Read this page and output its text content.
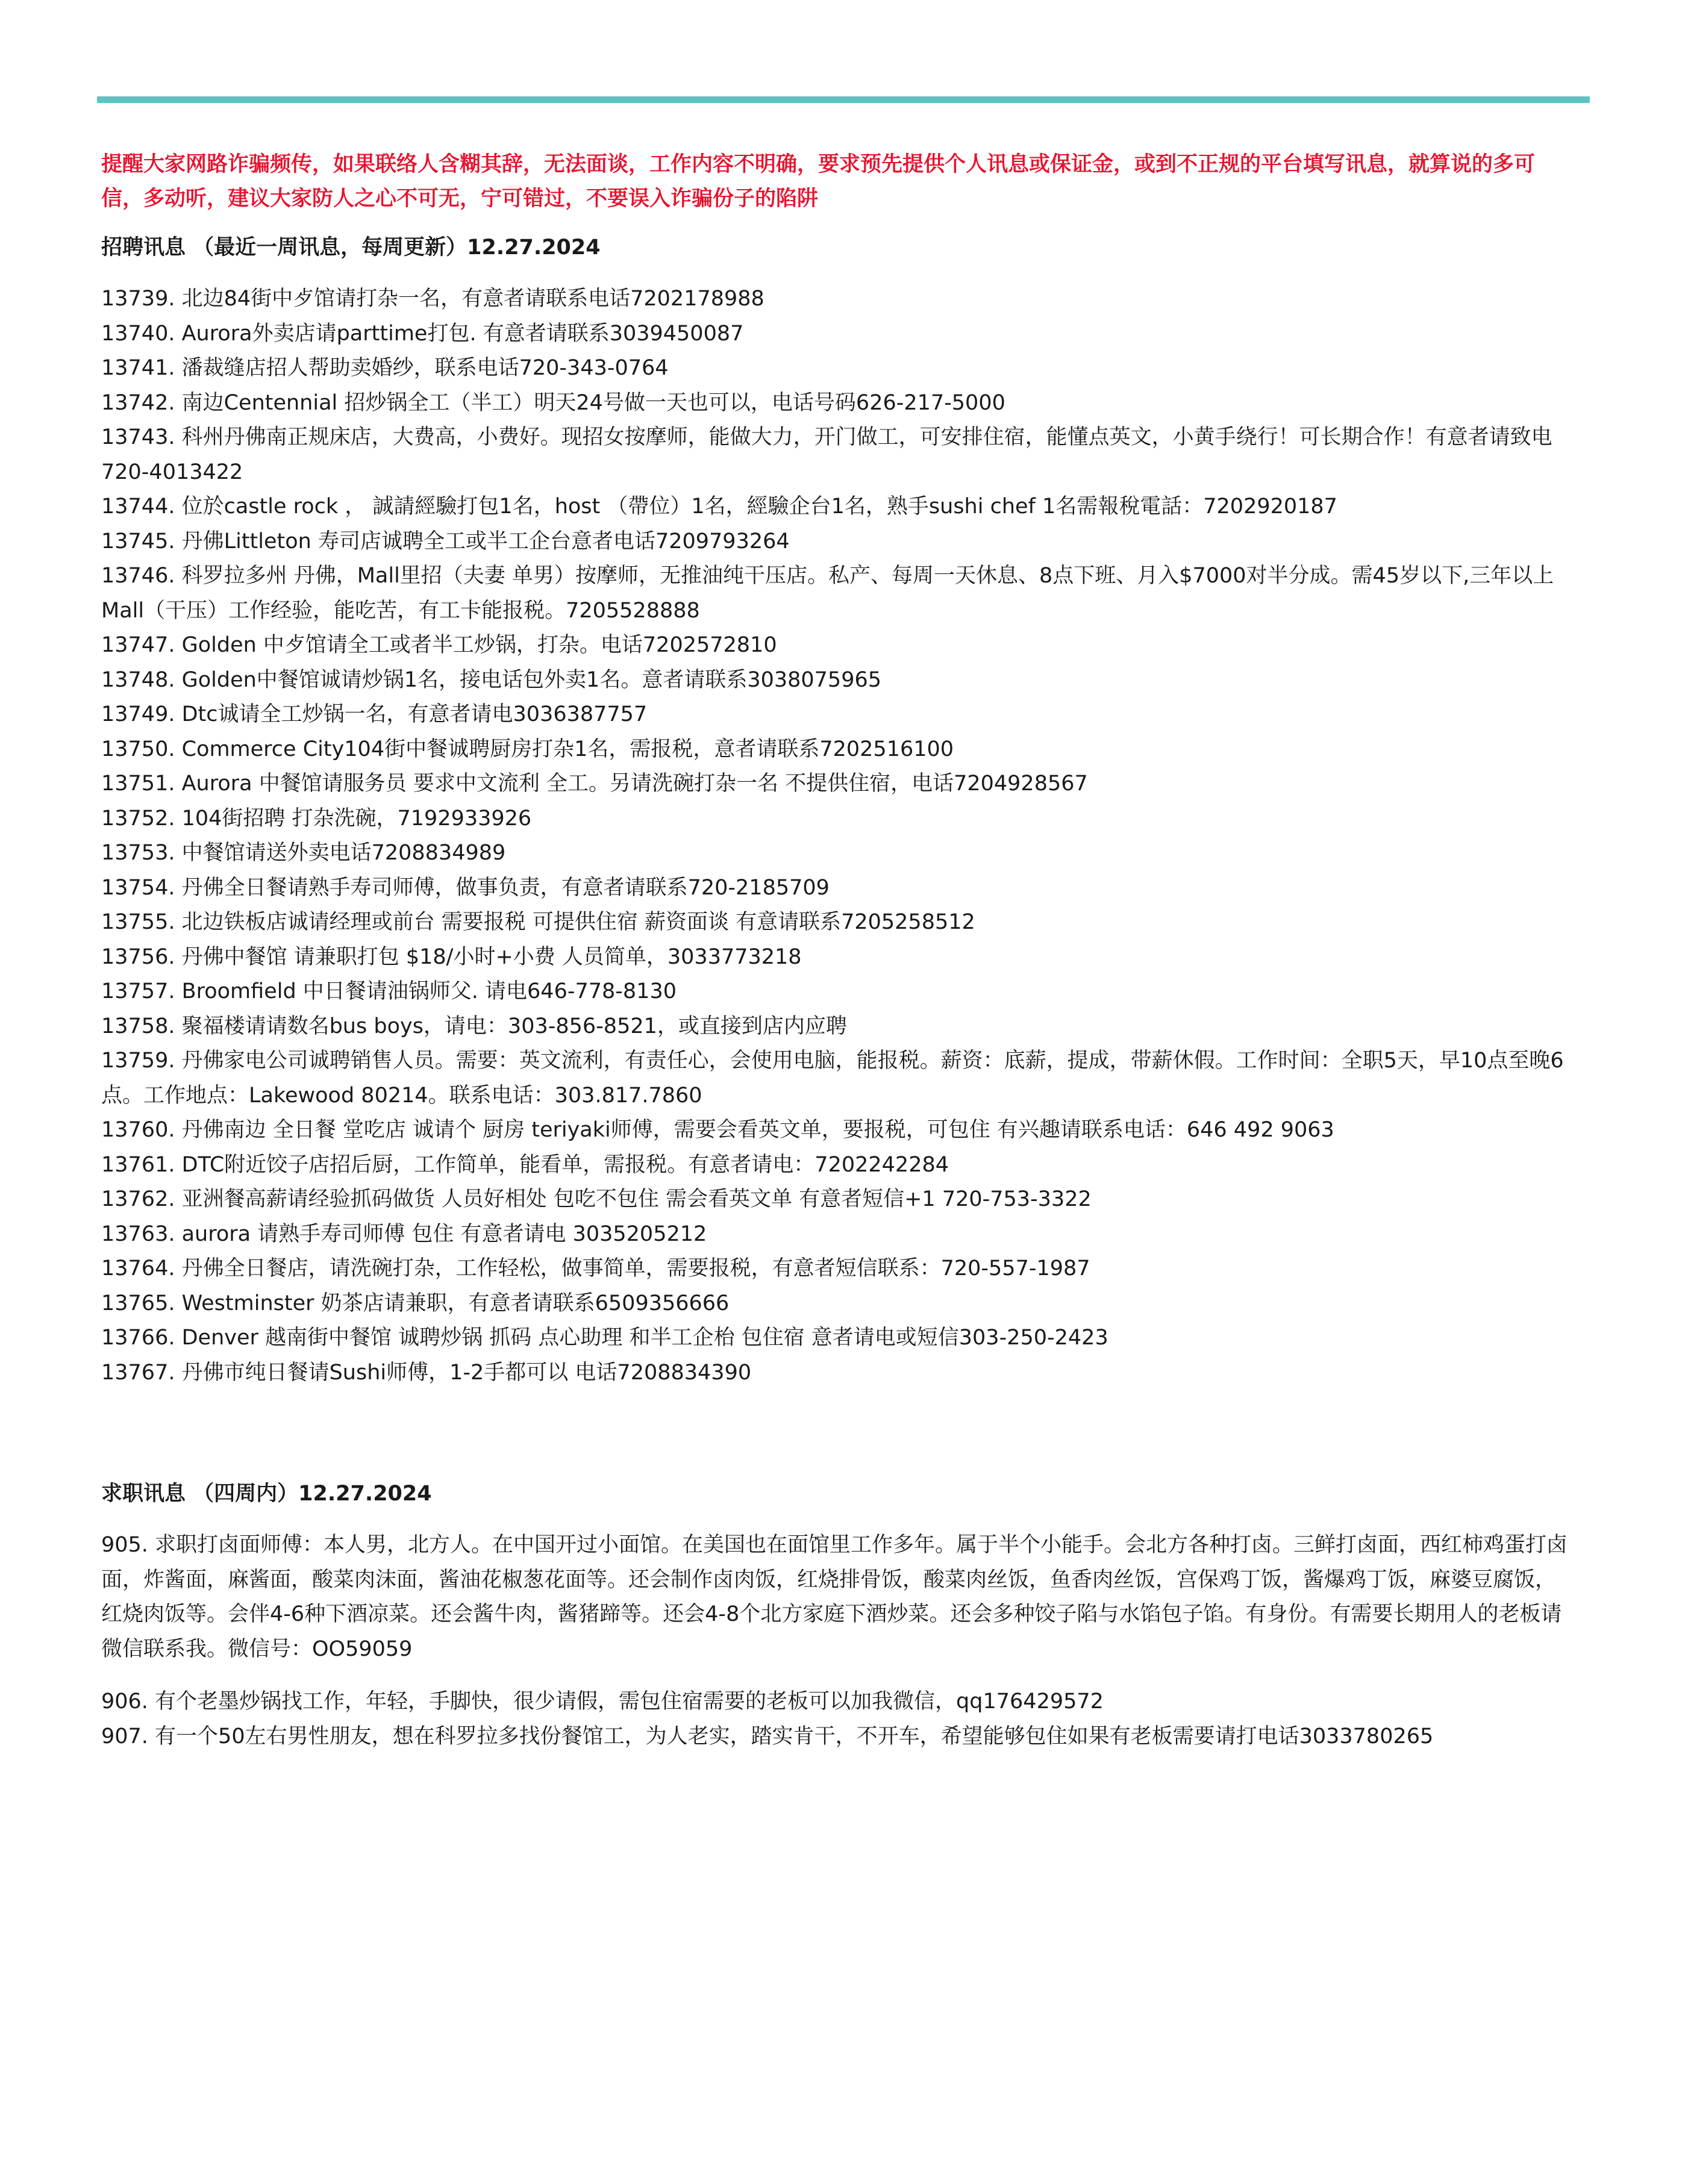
提醒大家网路诈骗频传，如果联络人含糊其辞，无法面谈，工作内容不明确，要求预先提供个人讯息或保证金，或到不正规的平台填写讯息，就算说的多可信，多动听，建议大家防人之心不可无，宁可错过，不要误入诈骗份子的陷阱

招聘讯息 （最近一周讯息，每周更新）12.27.2024

13739. 北边84街中歺馆请打杂一名，有意者请联系电话7202178988

13740. Aurora外卖店请parttime打包. 有意者请联系3039450087

13741. 潘裁缝店招人帮助卖婚纱，联系电话720-343-0764

13742. 南边Centennial 招炒锅全工（半工）明天24号做一天也可以，电话号码626-217-5000

13743. 科州丹佛南正规床店，大费高，小费好。现招女按摩师，能做大力，开门做工，可安排住宿，能懂点英文，小黄手绕行！可长期合作！有意者请致电 720-4013422

13744. 位於castle rock ， 誠請經驗打包1名，host （帶位）1名，經驗企台1名，熟手sushi chef 1名需報稅電話：7202920187

13745. 丹佛Littleton 寿司店诚聘全工或半工企台意者电话7209793264

13746. 科罗拉多州 丹佛，Mall里招（夫妻 单男）按摩师，无推油纯干压店。私产、每周一天休息、8点下班、月入$7000对半分成。需45岁以下,三年以上Mall（干压）工作经验，能吃苦，有工卡能报税。7205528888

13747. Golden 中歺馆请全工或者半工炒锅，打杂。电话7202572810

13748. Golden中餐馆诚请炒锅1名，接电话包外卖1名。意者请联系3038075965

13749. Dtc诚请全工炒锅一名，有意者请电3036387757

13750. Commerce City104街中餐诚聘厨房打杂1名，需报税，意者请联系7202516100

13751. Aurora 中餐馆请服务员 要求中文流利 全工。另请洗碗打杂一名 不提供住宿，电话7204928567

13752. 104街招聘 打杂洗碗，7192933926

13753. 中餐馆请送外卖电话7208834989

13754. 丹佛全日餐请熟手寿司师傅，做事负责，有意者请联系720-2185709

13755. 北边铁板店诚请经理或前台 需要报税 可提供住宿 薪资面谈 有意请联系7205258512

13756. 丹佛中餐馆 请兼职打包 $18/小时+小费 人员简单，3033773218

13757. Broomfield 中日餐请油锅师父. 请电646-778-8130

13758. 聚福楼请请数名bus boys，请电：303-856-8521，或直接到店内应聘

13759. 丹佛家电公司诚聘销售人员。需要：英文流利，有责任心，会使用电脑，能报税。薪资：底薪，提成，带薪休假。工作时间：全职5天，早10点至晚6点。工作地点：Lakewood 80214。联系电话：303.817.7860

13760. 丹佛南边 全日餐 堂吃店 诚请个 厨房 teriyaki师傅，需要会看英文单，要报税，可包住 有兴趣请联系电话：646 492 9063

13761. DTC附近饺子店招后厨，工作简单，能看单，需报税。有意者请电：7202242284

13762. 亚洲餐高薪请经验抓码做货 人员好相处 包吃不包住 需会看英文单 有意者短信+1 720-753-3322

13763. aurora 请熟手寿司师傅 包住 有意者请电 3035205212

13764. 丹佛全日餐店，请洗碗打杂，工作轻松，做事简单，需要报税，有意者短信联系：720-557-1987

13765. Westminster 奶茶店请兼职，有意者请联系6509356666

13766. Denver 越南街中餐馆 诚聘炒锅 抓码 点心助理 和半工企枱 包住宿 意者请电或短信303-250-2423

13767. 丹佛市纯日餐请Sushi师傅，1-2手都可以 电话7208834390

求职讯息 （四周内）12.27.2024

905. 求职打卤面师傅：本人男，北方人。在中国开过小面馆。在美国也在面馆里工作多年。属于半个小能手。会北方各种打卤。三鲜打卤面，西红柿鸡蛋打卤面，炸酱面，麻酱面，酸菜肉沫面，酱油花椒葱花面等。还会制作卤肉饭，红烧排骨饭，酸菜肉丝饭，鱼香肉丝饭，宫保鸡丁饭，酱爆鸡丁饭，麻婆豆腐饭，红烧肉饭等。会伴4-6种下酒凉菜。还会酱牛肉，酱猪蹄等。还会4-8个北方家庭下酒炒菜。还会多种饺子陷与水馅包子馅。有身份。有需要长期用人的老板请微信联系我。微信号：OO59059

906. 有个老墨炒锅找工作，年轻，手脚快，很少请假，需包住宿需要的老板可以加我微信，qq176429572

907. 有一个50左右男性朋友，想在科罗拉多找份餐馆工，为人老实，踏实肯干，不开车，希望能够包住如果有老板需要请打电话3033780265
